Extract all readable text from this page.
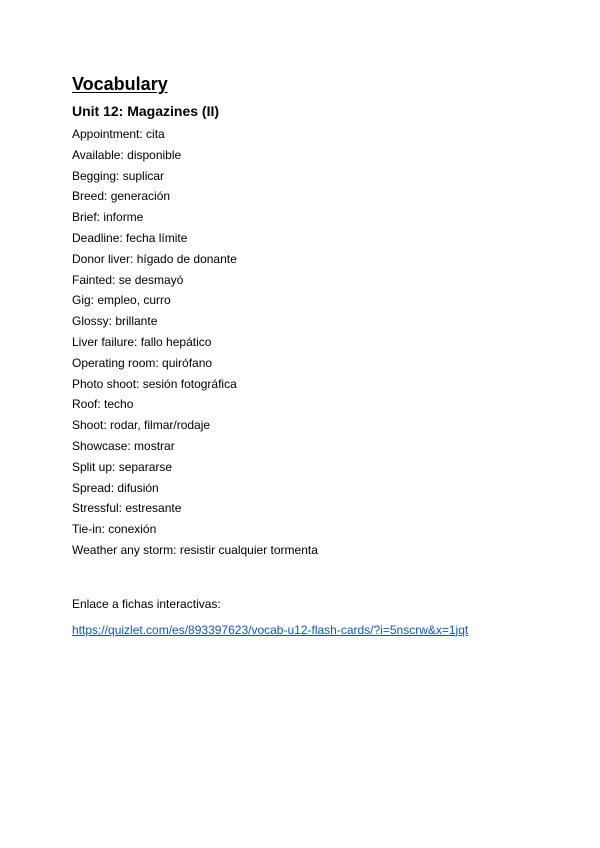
Vocabulary
Unit 12: Magazines (II)
Appointment: cita
Available: disponible
Begging: suplicar
Breed: generación
Brief: informe
Deadline: fecha límite
Donor liver: hígado de donante
Fainted: se desmayó
Gig: empleo, curro
Glossy: brillante
Liver failure: fallo hepático
Operating room: quirófano
Photo shoot: sesión fotográfica
Roof: techo
Shoot: rodar, filmar/rodaje
Showcase: mostrar
Split up: separarse
Spread: difusión
Stressful: estresante
Tie-in: conexión
Weather any storm: resistir cualquier tormenta
Enlace a fichas interactivas:
https://quizlet.com/es/893397623/vocab-u12-flash-cards/?i=5nscrw&x=1jqt
